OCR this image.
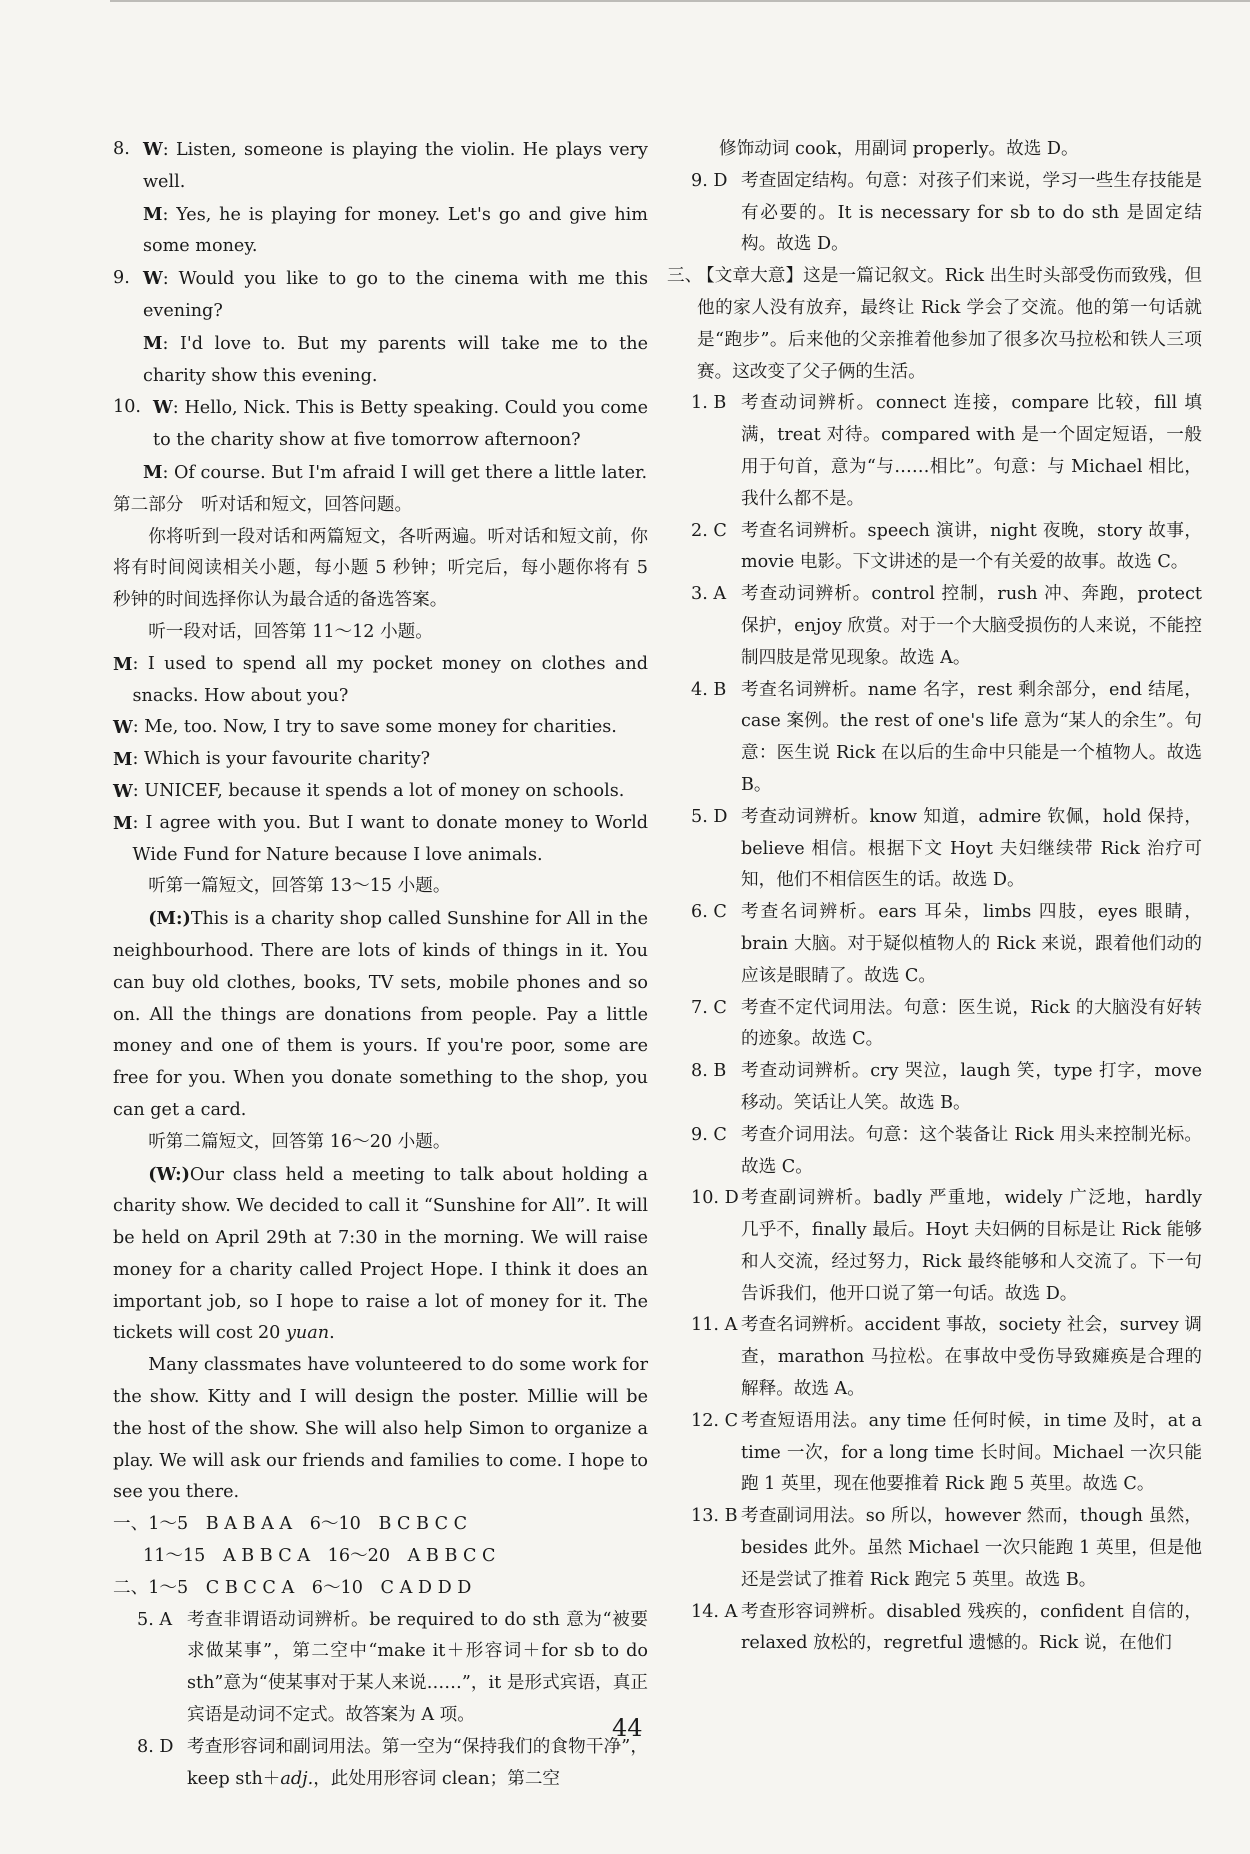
8. W: Listen, someone is playing the violin. He plays very well.
M: Yes, he is playing for money. Let's go and give him some money.
9. W: Would you like to go to the cinema with me this evening?
M: I'd love to. But my parents will take me to the charity show this evening.
10. W: Hello, Nick. This is Betty speaking. Could you come to the charity show at five tomorrow afternoon?
M: Of course. But I'm afraid I will get there a little later.
第二部分　听对话和短文，回答问题。
你将听到一段对话和两篇短文，各听两遍。听对话和短文前，你将有时间阅读相关小题，每小题 5 秒钟；听完后，每小题你将有 5 秒钟的时间选择你认为最合适的备选答案。
听一段对话，回答第 11～12 小题。
M : I used to spend all my pocket money on clothes and snacks. How about you?
W : Me, too. Now, I try to save some money for charities.
M : Which is your favourite charity?
W : UNICEF, because it spends a lot of money on schools.
M : I agree with you. But I want to donate money to World Wide Fund for Nature because I love animals.
听第一篇短文，回答第 13～15 小题。
(M:)This is a charity shop called Sunshine for All in the neighbourhood. There are lots of kinds of things in it. You can buy old clothes, books, TV sets, mobile phones and so on. All the things are donations from people. Pay a little money and one of them is yours. If you're poor, some are free for you. When you donate something to the shop, you can get a card.
听第二篇短文，回答第 16～20 小题。
(W:)Our class held a meeting to talk about holding a charity show. We decided to call it “Sunshine for All”. It will be held on April 29th at 7:30 in the morning. We will raise money for a charity called Project Hope. I think it does an important job, so I hope to raise a lot of money for it. The tickets will cost 20 yuan.
Many classmates have volunteered to do some work for the show. Kitty and I will design the poster. Millie will be the host of the show. She will also help Simon to organize a play. We will ask our friends and families to come. I hope to see you there.
一、1～5　B A B A A　6～10　B C B C C
11～15　A B B C A　16～20　A B B C C
二、1～5　C B C C A　6～10　C A D D D
5. A 考查非谓语动词辨析。be required to do sth 意为“被要求做某事”，第二空中“make it＋形容词＋for sb to do sth”意为“使某事对于某人来说……”，it 是形式宾语，真正宾语是动词不定式。故答案为 A 项。
8. D 考查形容词和副词用法。第一空为“保持我们的食物干净”，keep sth＋adj.，此处用形容词 clean；第二空
修饰动词 cook，用副词 properly。故选 D。
9. D 考查固定结构。句意：对孩子们来说，学习一些生存技能是有必要的。It is necessary for sb to do sth 是固定结构。故选 D。
三、
【文章大意】这是一篇记叙文。Rick 出生时头部受伤而致残，但他的家人没有放弃，最终让 Rick 学会了交流。他的第一句话就是“跑步”。后来他的父亲推着他参加了很多次马拉松和铁人三项赛。这改变了父子俩的生活。
1. B 考查动词辨析。connect 连接，compare 比较，fill 填满，treat 对待。compared with 是一个固定短语，一般用于句首，意为“与……相比”。句意：与 Michael 相比，我什么都不是。
2. C 考查名词辨析。speech 演讲，night 夜晚，story 故事，movie 电影。下文讲述的是一个有关爱的故事。故选 C。
3. A 考查动词辨析。control 控制，rush 冲、奔跑，protect 保护，enjoy 欣赏。对于一个大脑受损伤的人来说，不能控制四肢是常见现象。故选 A。
4. B 考查名词辨析。name 名字，rest 剩余部分，end 结尾，case 案例。the rest of one's life 意为“某人的余生”。句意：医生说 Rick 在以后的生命中只能是一个植物人。故选 B。
5. D 考查动词辨析。know 知道，admire 钦佩，hold 保持，believe 相信。根据下文 Hoyt 夫妇继续带 Rick 治疗可知，他们不相信医生的话。故选 D。
6. C 考查名词辨析。ears 耳朵，limbs 四肢，eyes 眼睛，brain 大脑。对于疑似植物人的 Rick 来说，跟着他们动的应该是眼睛了。故选 C。
7. C 考查不定代词用法。句意：医生说，Rick 的大脑没有好转的迹象。故选 C。
8. B 考查动词辨析。cry 哭泣，laugh 笑，type 打字，move 移动。笑话让人笑。故选 B。
9. C 考查介词用法。句意：这个装备让 Rick 用头来控制光标。故选 C。
10. D 考查副词辨析。badly 严重地，widely 广泛地，hardly 几乎不，finally 最后。Hoyt 夫妇俩的目标是让 Rick 能够和人交流，经过努力，Rick 最终能够和人交流了。下一句告诉我们，他开口说了第一句话。故选 D。
11. A 考查名词辨析。accident 事故，society 社会，survey 调查，marathon 马拉松。在事故中受伤导致瘫痪是合理的解释。故选 A。
12. C 考查短语用法。any time 任何时候，in time 及时，at a time 一次，for a long time 长时间。Michael 一次只能跑 1 英里，现在他要推着 Rick 跑 5 英里。故选 C。
13. B 考查副词用法。so 所以，however 然而，though 虽然，besides 此外。虽然 Michael 一次只能跑 1 英里，但是他还是尝试了推着 Rick 跑完 5 英里。故选 B。
14. A 考查形容词辨析。disabled 残疾的，confident 自信的，relaxed 放松的，regretful 遗憾的。Rick 说，在他们
44
